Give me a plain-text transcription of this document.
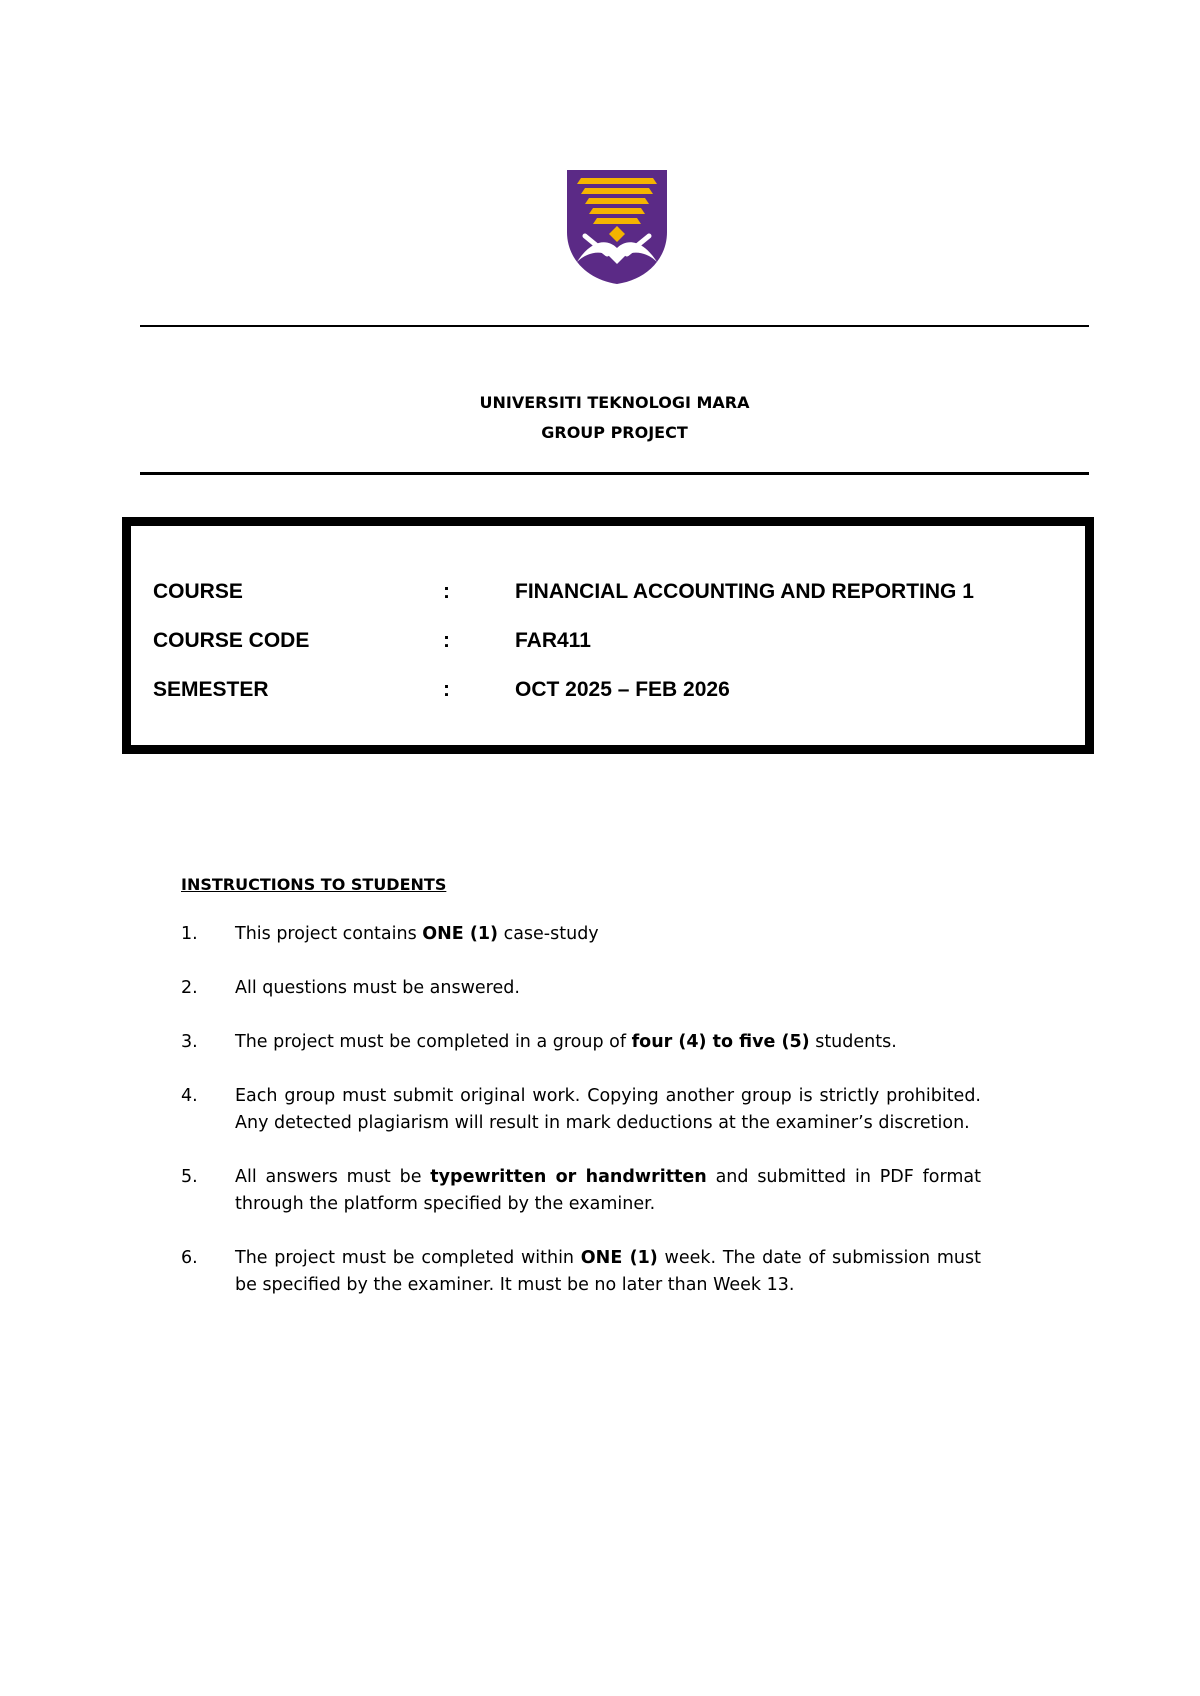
UNIVERSITI TEKNOLOGI MARA
GROUP PROJECT
COURSE	:	FINANCIAL ACCOUNTING AND REPORTING 1
COURSE CODE	:	FAR411
SEMESTER	:	OCT 2025 – FEB 2026
INSTRUCTIONS TO STUDENTS
1. This project contains ONE (1) case-study
2. All questions must be answered.
3. The project must be completed in a group of four (4) to five (5) students.
4. Each group must submit original work. Copying another group is strictly prohibited. Any detected plagiarism will result in mark deductions at the examiner’s discretion.
5. All answers must be typewritten or handwritten and submitted in PDF format through the platform specified by the examiner.
6. The project must be completed within ONE (1) week. The date of submission must be specified by the examiner. It must be no later than Week 13.
